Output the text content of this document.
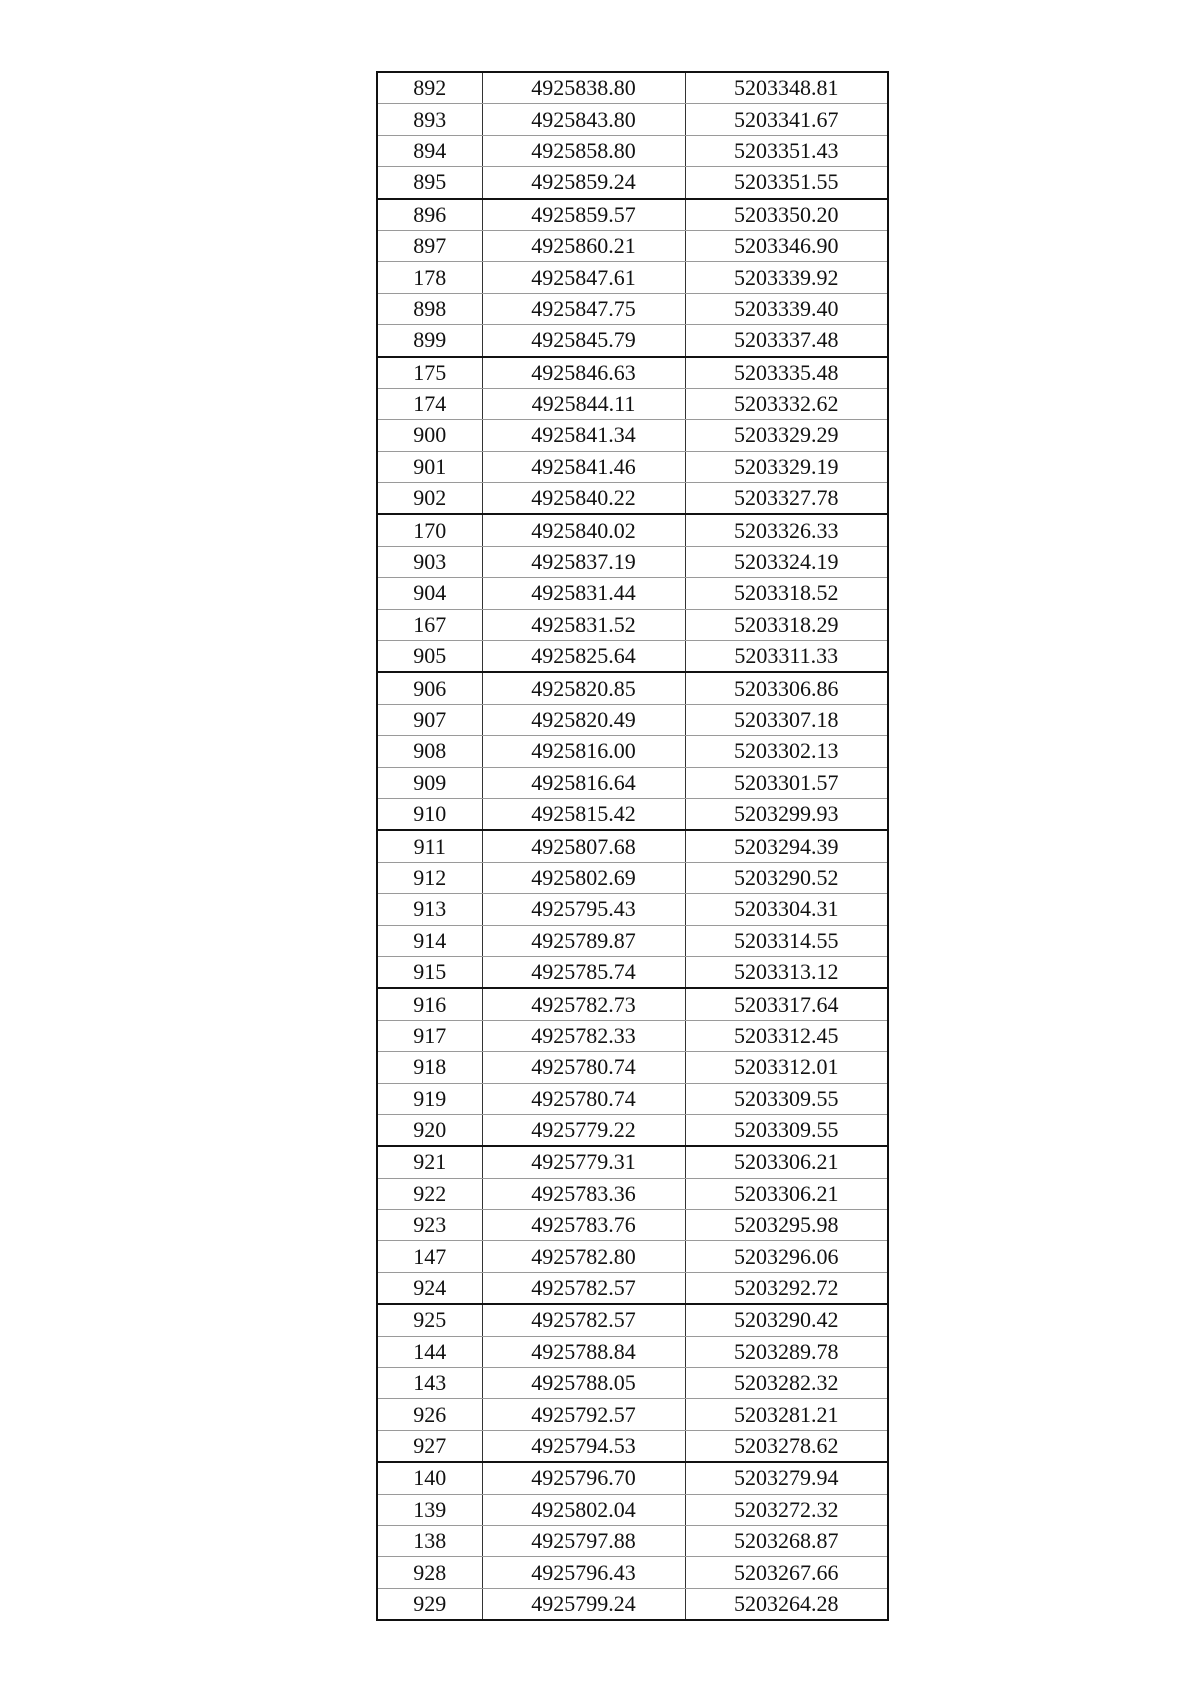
892	4925838.80	5203348.81
893	4925843.80	5203341.67
894	4925858.80	5203351.43
895	4925859.24	5203351.55
896	4925859.57	5203350.20
897	4925860.21	5203346.90
178	4925847.61	5203339.92
898	4925847.75	5203339.40
899	4925845.79	5203337.48
175	4925846.63	5203335.48
174	4925844.11	5203332.62
900	4925841.34	5203329.29
901	4925841.46	5203329.19
902	4925840.22	5203327.78
170	4925840.02	5203326.33
903	4925837.19	5203324.19
904	4925831.44	5203318.52
167	4925831.52	5203318.29
905	4925825.64	5203311.33
906	4925820.85	5203306.86
907	4925820.49	5203307.18
908	4925816.00	5203302.13
909	4925816.64	5203301.57
910	4925815.42	5203299.93
911	4925807.68	5203294.39
912	4925802.69	5203290.52
913	4925795.43	5203304.31
914	4925789.87	5203314.55
915	4925785.74	5203313.12
916	4925782.73	5203317.64
917	4925782.33	5203312.45
918	4925780.74	5203312.01
919	4925780.74	5203309.55
920	4925779.22	5203309.55
921	4925779.31	5203306.21
922	4925783.36	5203306.21
923	4925783.76	5203295.98
147	4925782.80	5203296.06
924	4925782.57	5203292.72
925	4925782.57	5203290.42
144	4925788.84	5203289.78
143	4925788.05	5203282.32
926	4925792.57	5203281.21
927	4925794.53	5203278.62
140	4925796.70	5203279.94
139	4925802.04	5203272.32
138	4925797.88	5203268.87
928	4925796.43	5203267.66
929	4925799.24	5203264.28
